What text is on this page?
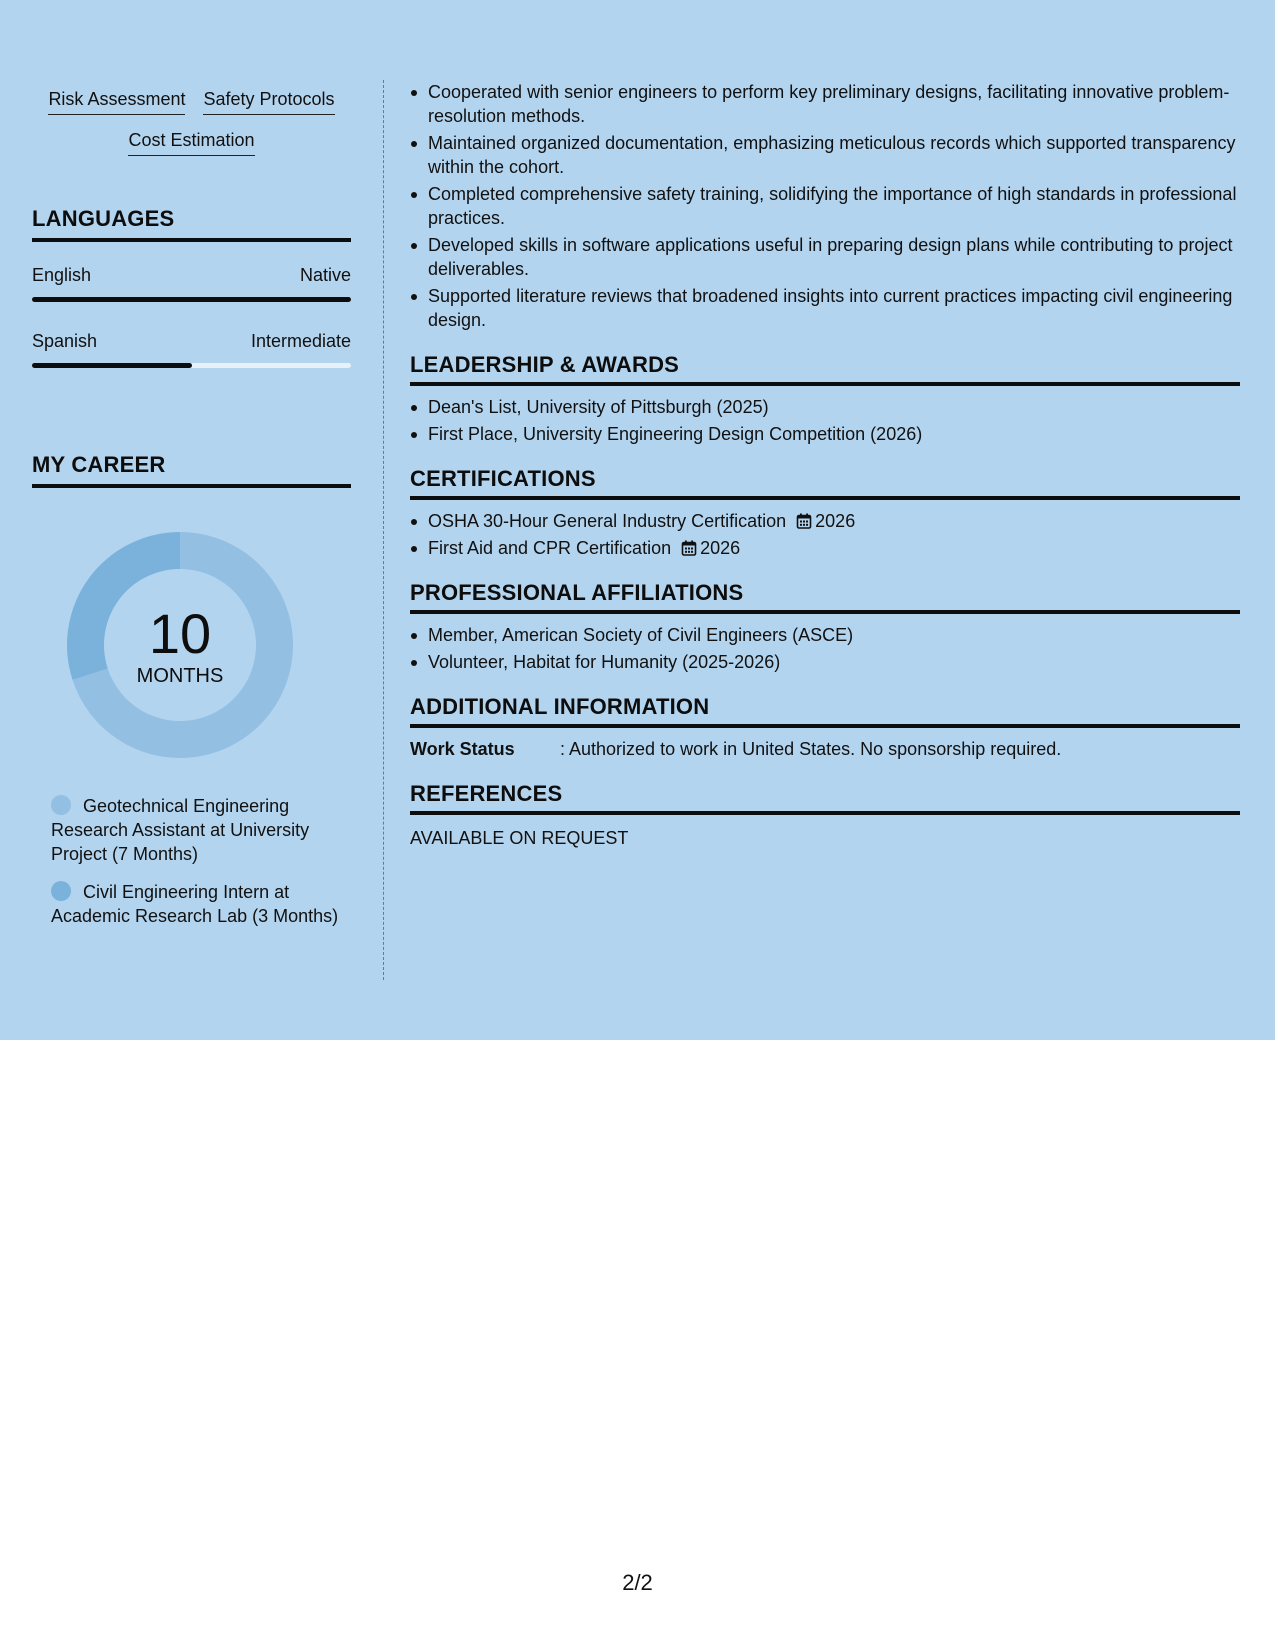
Risk Assessment Safety Protocols
Cost Estimation
LANGUAGES
English	Native
Spanish	Intermediate
MY CAREER
10
MONTHS
Geotechnical Engineering Research Assistant at University Project (7 Months)
Civil Engineering Intern at Academic Research Lab (3 Months)
Cooperated with senior engineers to perform key preliminary designs, facilitating innovative problem-resolution methods.
Maintained organized documentation, emphasizing meticulous records which supported transparency within the cohort.
Completed comprehensive safety training, solidifying the importance of high standards in professional practices.
Developed skills in software applications useful in preparing design plans while contributing to project deliverables.
Supported literature reviews that broadened insights into current practices impacting civil engineering design.
LEADERSHIP & AWARDS
Dean's List, University of Pittsburgh (2025)
First Place, University Engineering Design Competition (2026)
CERTIFICATIONS
OSHA 30-Hour General Industry Certification 2026
First Aid and CPR Certification 2026
PROFESSIONAL AFFILIATIONS
Member, American Society of Civil Engineers (ASCE)
Volunteer, Habitat for Humanity (2025-2026)
ADDITIONAL INFORMATION
Work Status	: Authorized to work in United States. No sponsorship required.
REFERENCES
AVAILABLE ON REQUEST
2/2
